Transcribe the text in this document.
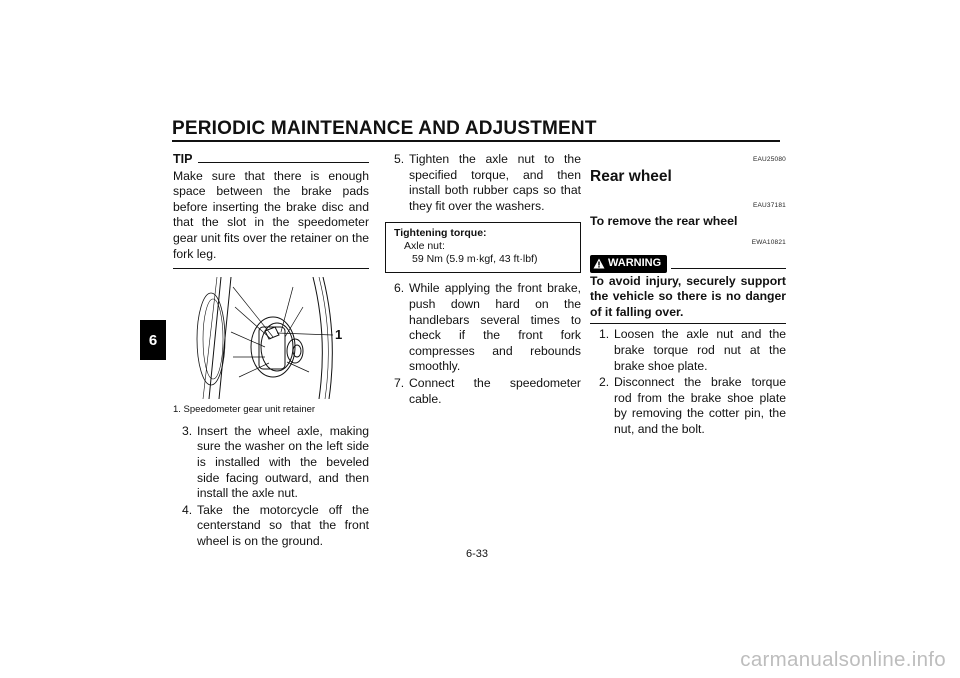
PERIODIC MAINTENANCE AND ADJUSTMENT
6
TIP
Make sure that there is enough space between the brake pads before inserting the brake disc and that the slot in the speedometer gear unit fits over the retainer on the fork leg.
1
1. Speedometer gear unit retainer
3. Insert the wheel axle, making sure the washer on the left side is installed with the beveled side facing outward, and then install the axle nut.
4. Take the motorcycle off the centerstand so that the front wheel is on the ground.
5. Tighten the axle nut to the specified torque, and then install both rubber caps so that they fit over the washers.
Tightening torque:
Axle nut:
59 Nm (5.9 m·kgf, 43 ft·lbf)
6. While applying the front brake, push down hard on the handlebars several times to check if the front fork compresses and rebounds smoothly.
7. Connect the speedometer cable.
EAU25080
Rear wheel
EAU37181
To remove the rear wheel
EWA10821
WARNING
To avoid injury, securely support the vehicle so there is no danger of it falling over.
1. Loosen the axle nut and the brake torque rod nut at the brake shoe plate.
2. Disconnect the brake torque rod from the brake shoe plate by removing the cotter pin, the nut, and the bolt.
6-33
carmanualsonline.info
